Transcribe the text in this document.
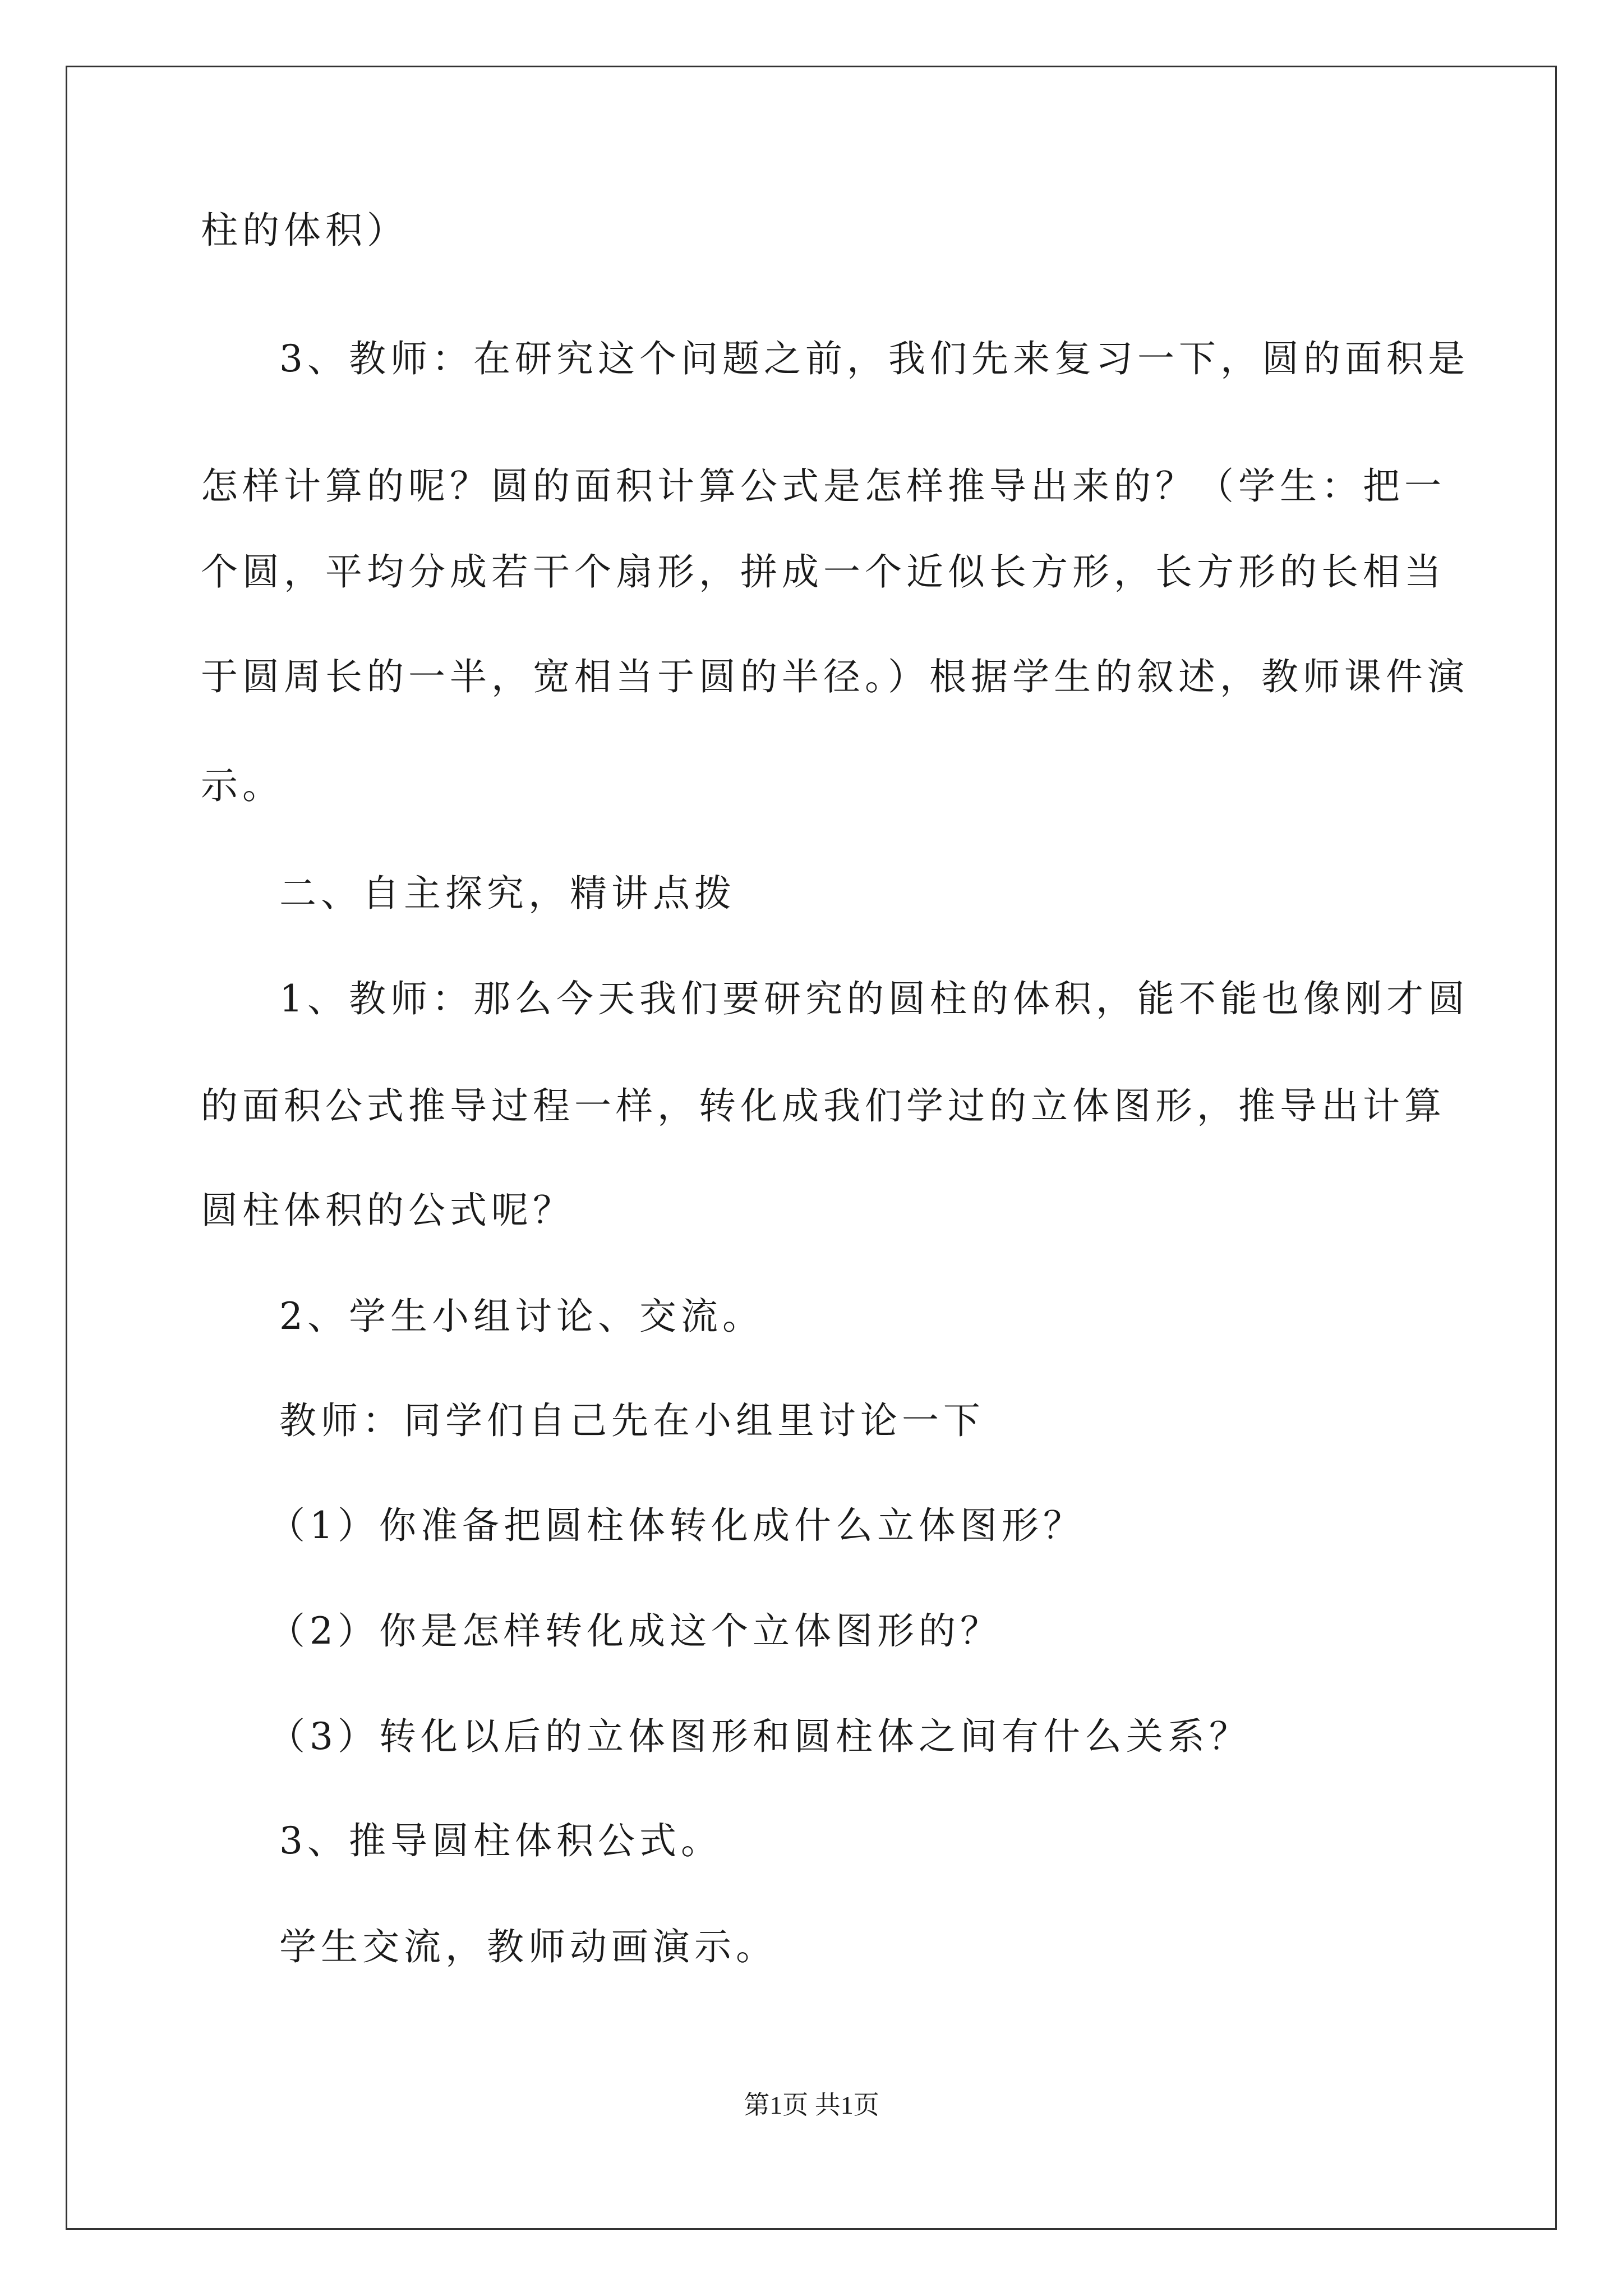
柱的体积）
3、教师：在研究这个问题之前，我们先来复习一下，圆的面积是
怎样计算的呢？圆的面积计算公式是怎样推导出来的？（学生：把一
个圆，平均分成若干个扇形，拼成一个近似长方形，长方形的长相当
于圆周长的一半，宽相当于圆的半径。）根据学生的叙述，教师课件演
示。
二、自主探究，精讲点拨
1、教师：那么今天我们要研究的圆柱的体积，能不能也像刚才圆
的面积公式推导过程一样，转化成我们学过的立体图形，推导出计算
圆柱体积的公式呢？
2、学生小组讨论、交流。
教师：同学们自己先在小组里讨论一下
（1）你准备把圆柱体转化成什么立体图形？
（2）你是怎样转化成这个立体图形的？
（3）转化以后的立体图形和圆柱体之间有什么关系？
3、推导圆柱体积公式。
学生交流，教师动画演示。
第1页 共1页
